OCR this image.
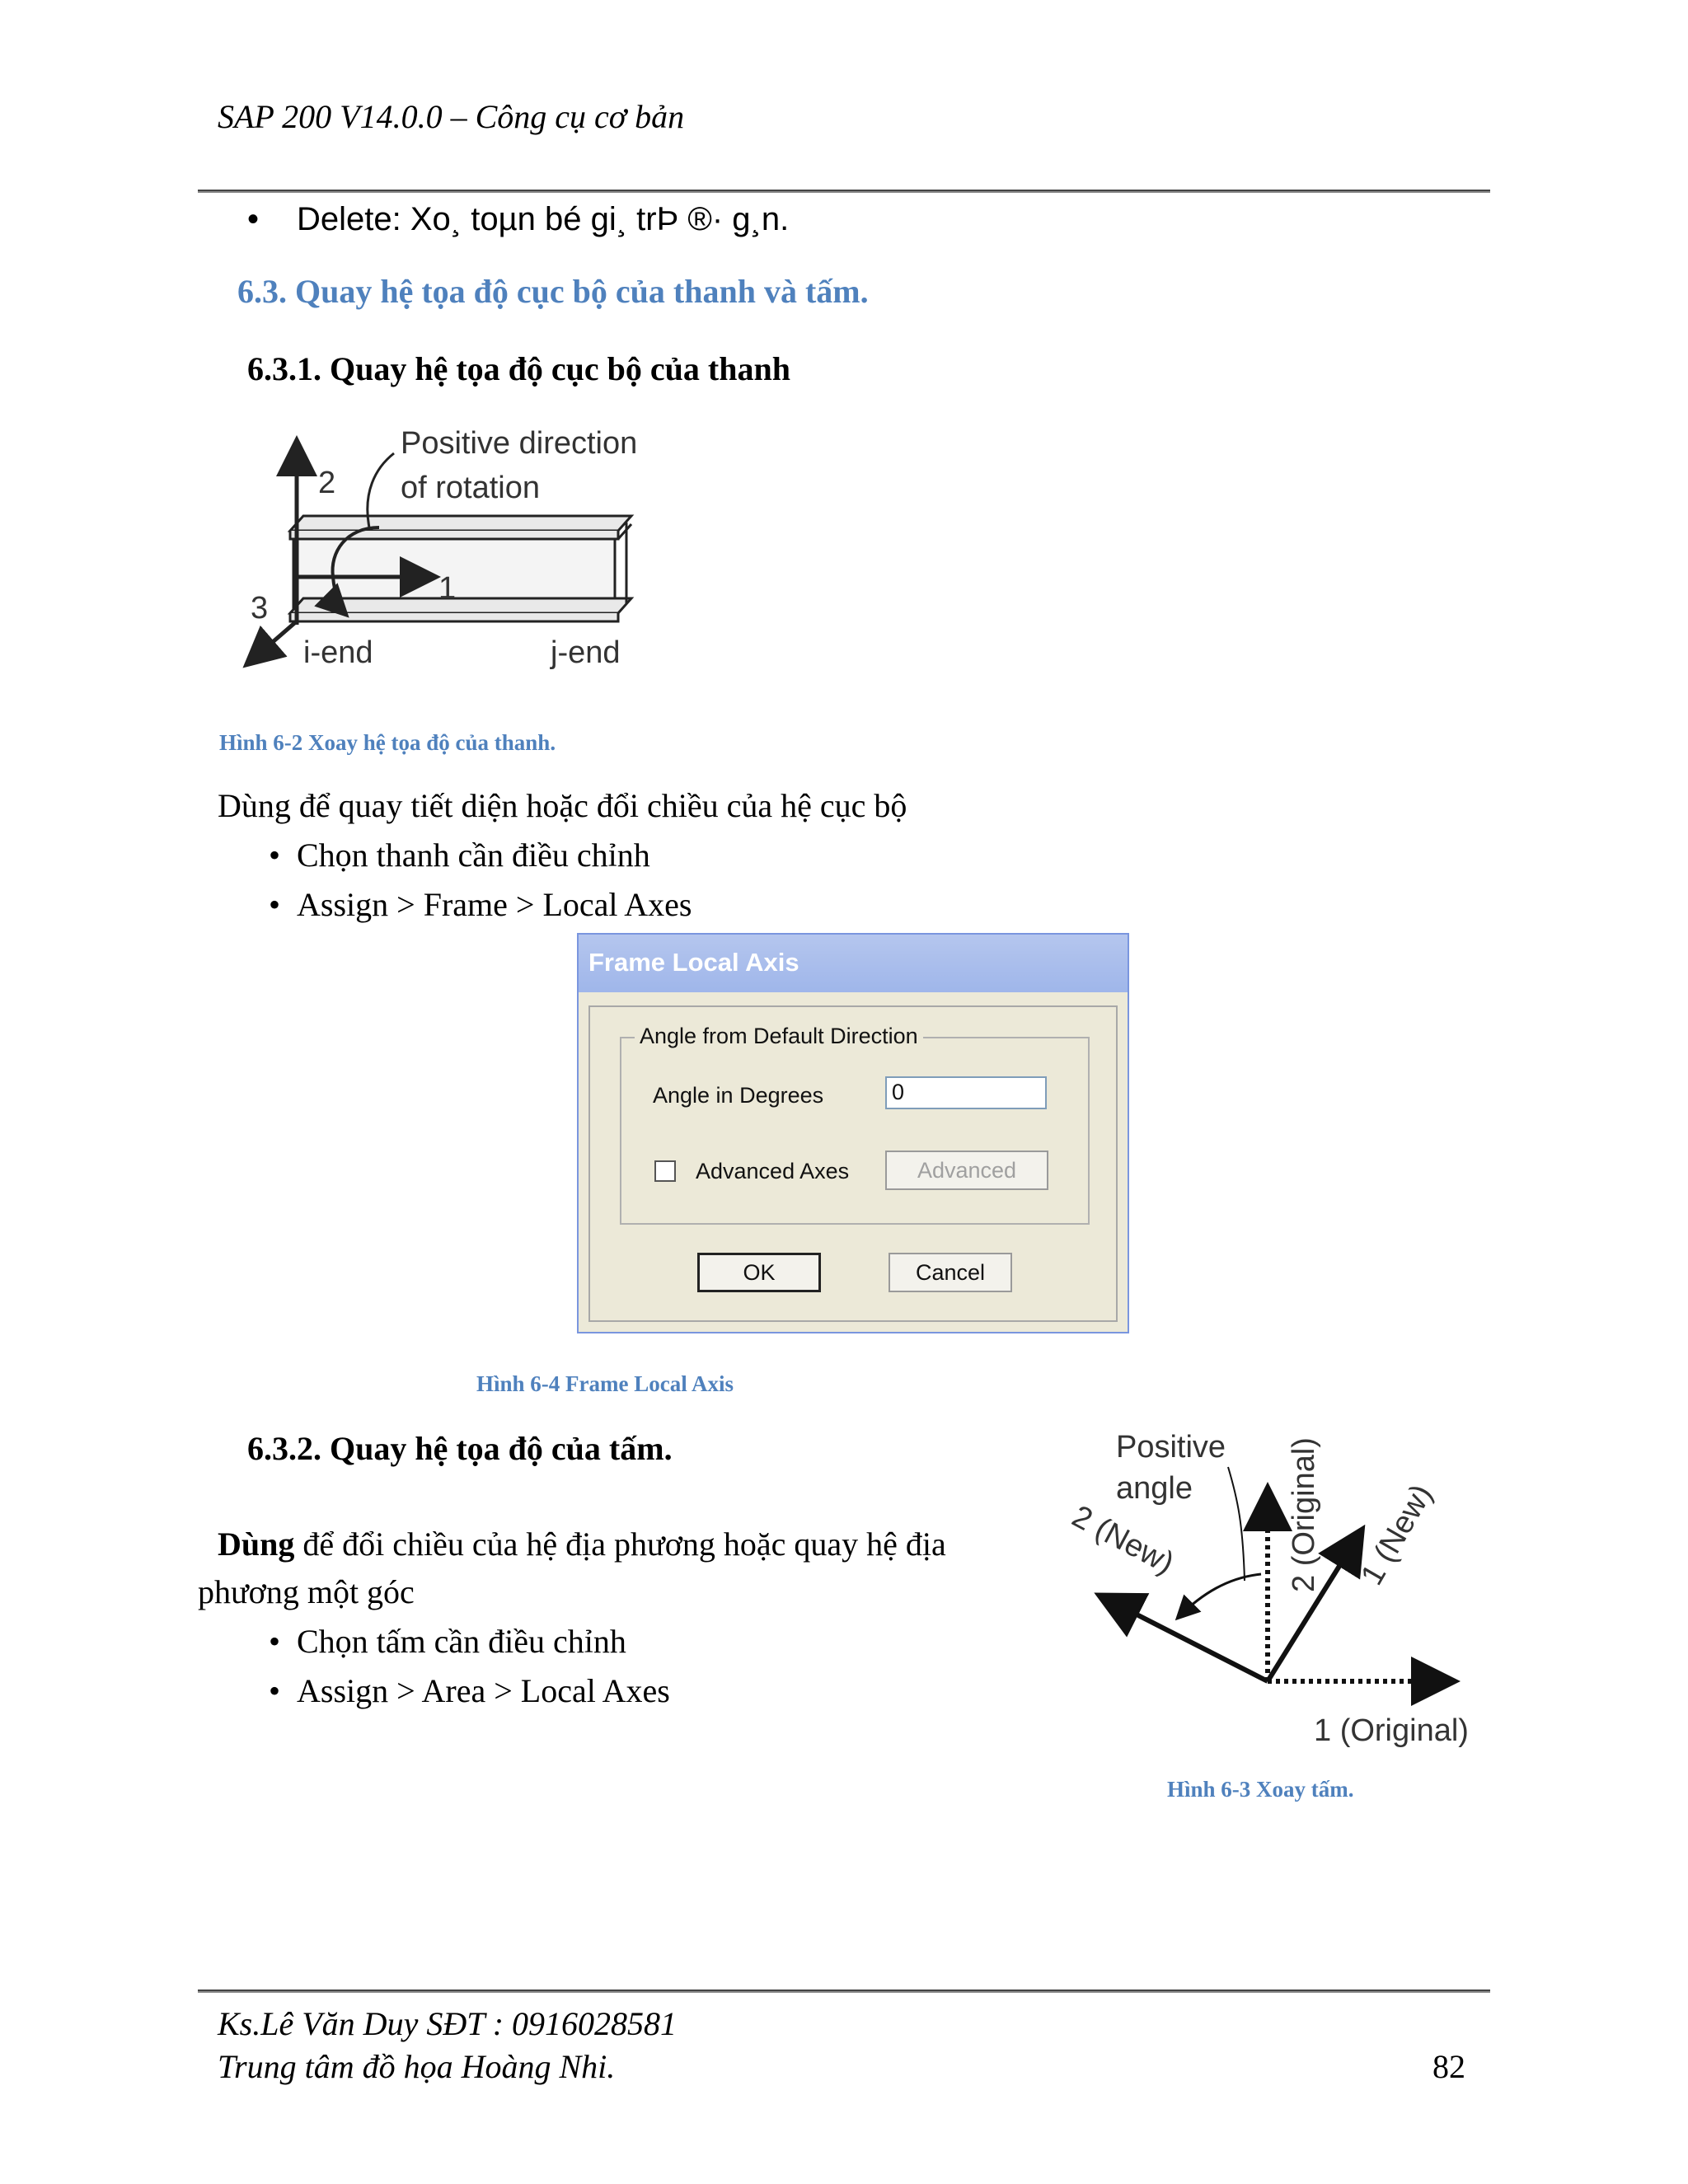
SAP 200 V14.0.0 – Công cụ cơ bản
• Delete: Xo¸ toµn bé gi¸ trÞ ®· g¸n.
6.3. Quay hệ tọa độ cục bộ của thanh và tấm.
6.3.1. Quay hệ tọa độ cục bộ của thanh
Positive direction
of rotation
2
1
3
i-end	j-end
Hình 6-2 Xoay hệ tọa độ của thanh.
Dùng để quay tiết diện hoặc đổi chiều của hệ cục bộ
• Chọn thanh cần điều chỉnh
• Assign > Frame > Local Axes
Frame Local Axis
Angle from Default Direction
Angle in Degrees	0
Advanced Axes	Advanced
OK	Cancel
Hình 6-4 Frame Local Axis
6.3.2. Quay hệ tọa độ của tấm.
Dùng để đổi chiều của hệ địa phương hoặc quay hệ địa
phương một góc
• Chọn tấm cần điều chỉnh
• Assign > Area > Local Axes
Positive
angle
2 (New)	2 (Original) 1 (New)
1 (Original)
Hình 6-3 Xoay tấm.
Ks.Lê Văn Duy SĐT : 0916028581
Trung tâm đồ họa Hoàng Nhi.	82
